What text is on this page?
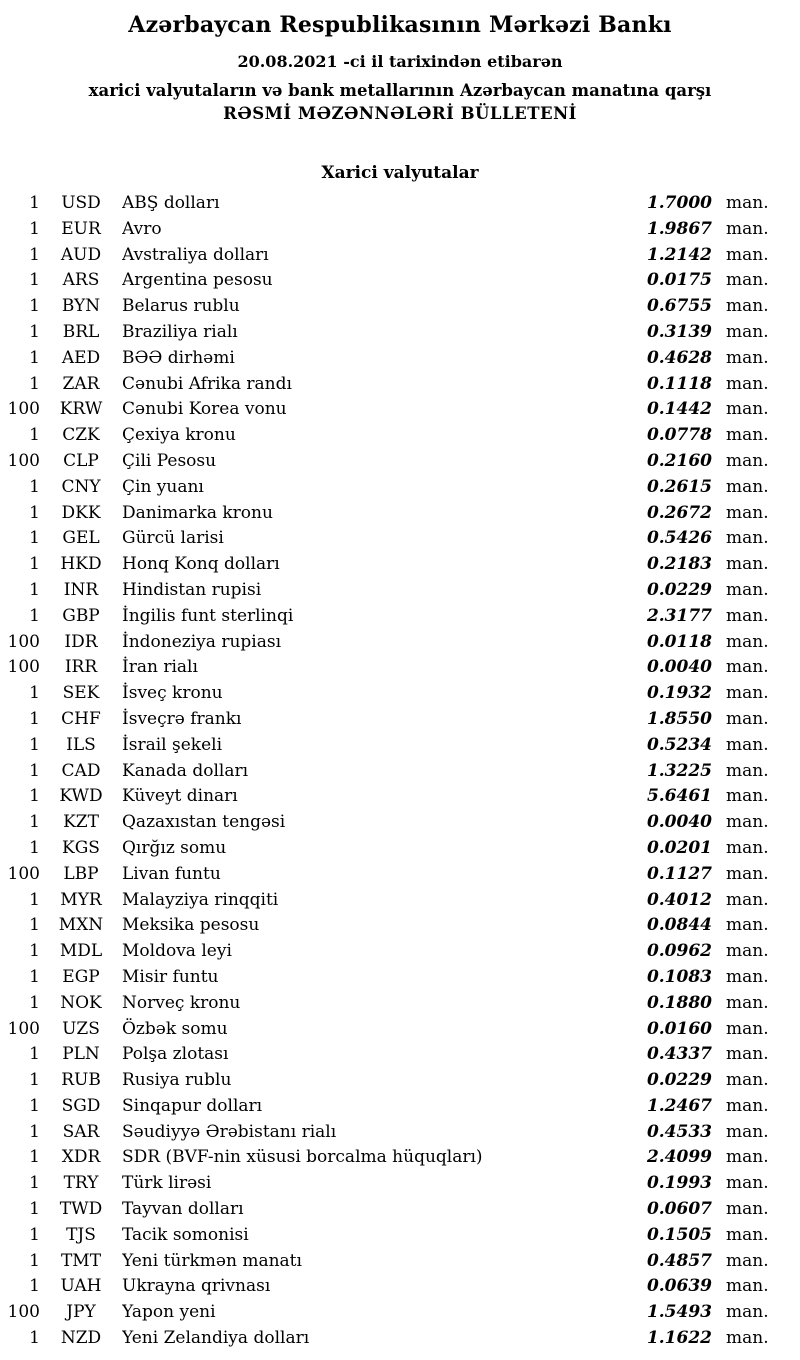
Azərbaycan Respublikasının Mərkəzi Bankı
20.08.2021 -ci il tarixindən etibarən
xarici valyutaların və bank metallarının Azərbaycan manatına qarşı
RƏSMİ MƏZƏNNƏLƏRİ BÜLLETENİ
Xarici valyutalar
1	USD	ABŞ dolları	1.7000 man.
1	EUR	Avro	1.9867 man.
1	AUD	Avstraliya dolları	1.2142 man.
1	ARS	Argentina pesosu	0.0175 man.
1	BYN	Belarus rublu	0.6755 man.
1	BRL	Braziliya rialı	0.3139 man.
1	AED	BƏƏ dirhəmi	0.4628 man.
1	ZAR	Cənubi Afrika randı	0.1118 man.
100	KRW	Cənubi Korea vonu	0.1442 man.
1	CZK	Çexiya kronu	0.0778 man.
100	CLP	Çili Pesosu	0.2160 man.
1	CNY	Çin yuanı	0.2615 man.
1	DKK	Danimarka kronu	0.2672 man.
1	GEL	Gürcü larisi	0.5426 man.
1	HKD	Honq Konq dolları	0.2183 man.
1	INR	Hindistan rupisi	0.0229 man.
1	GBP	İngilis funt sterlinqi	2.3177 man.
100	IDR	İndoneziya rupiası	0.0118 man.
100	IRR	İran rialı	0.0040 man.
1	SEK	İsveç kronu	0.1932 man.
1	CHF	İsveçrə frankı	1.8550 man.
1	ILS	İsrail şekeli	0.5234 man.
1	CAD	Kanada dolları	1.3225 man.
1	KWD	Küveyt dinarı	5.6461 man.
1	KZT	Qazaxıstan tengəsi	0.0040 man.
1	KGS	Qırğız somu	0.0201 man.
100	LBP	Livan funtu	0.1127 man.
1	MYR	Malayziya rinqqiti	0.4012 man.
1	MXN	Meksika pesosu	0.0844 man.
1	MDL	Moldova leyi	0.0962 man.
1	EGP	Misir funtu	0.1083 man.
1	NOK	Norveç kronu	0.1880 man.
100	UZS	Özbək somu	0.0160 man.
1	PLN	Polşa zlotası	0.4337 man.
1	RUB	Rusiya rublu	0.0229 man.
1	SGD	Sinqapur dolları	1.2467 man.
1	SAR	Səudiyyə Ərəbistanı rialı	0.4533 man.
1	XDR	SDR (BVF-nin xüsusi borcalma hüquqları)	2.4099 man.
1	TRY	Türk lirəsi	0.1993 man.
1	TWD	Tayvan dolları	0.0607 man.
1	TJS	Tacik somonisi	0.1505 man.
1	TMT	Yeni türkmən manatı	0.4857 man.
1	UAH	Ukrayna qrivnası	0.0639 man.
100	JPY	Yapon yeni	1.5493 man.
1	NZD	Yeni Zelandiya dolları	1.1622 man.
